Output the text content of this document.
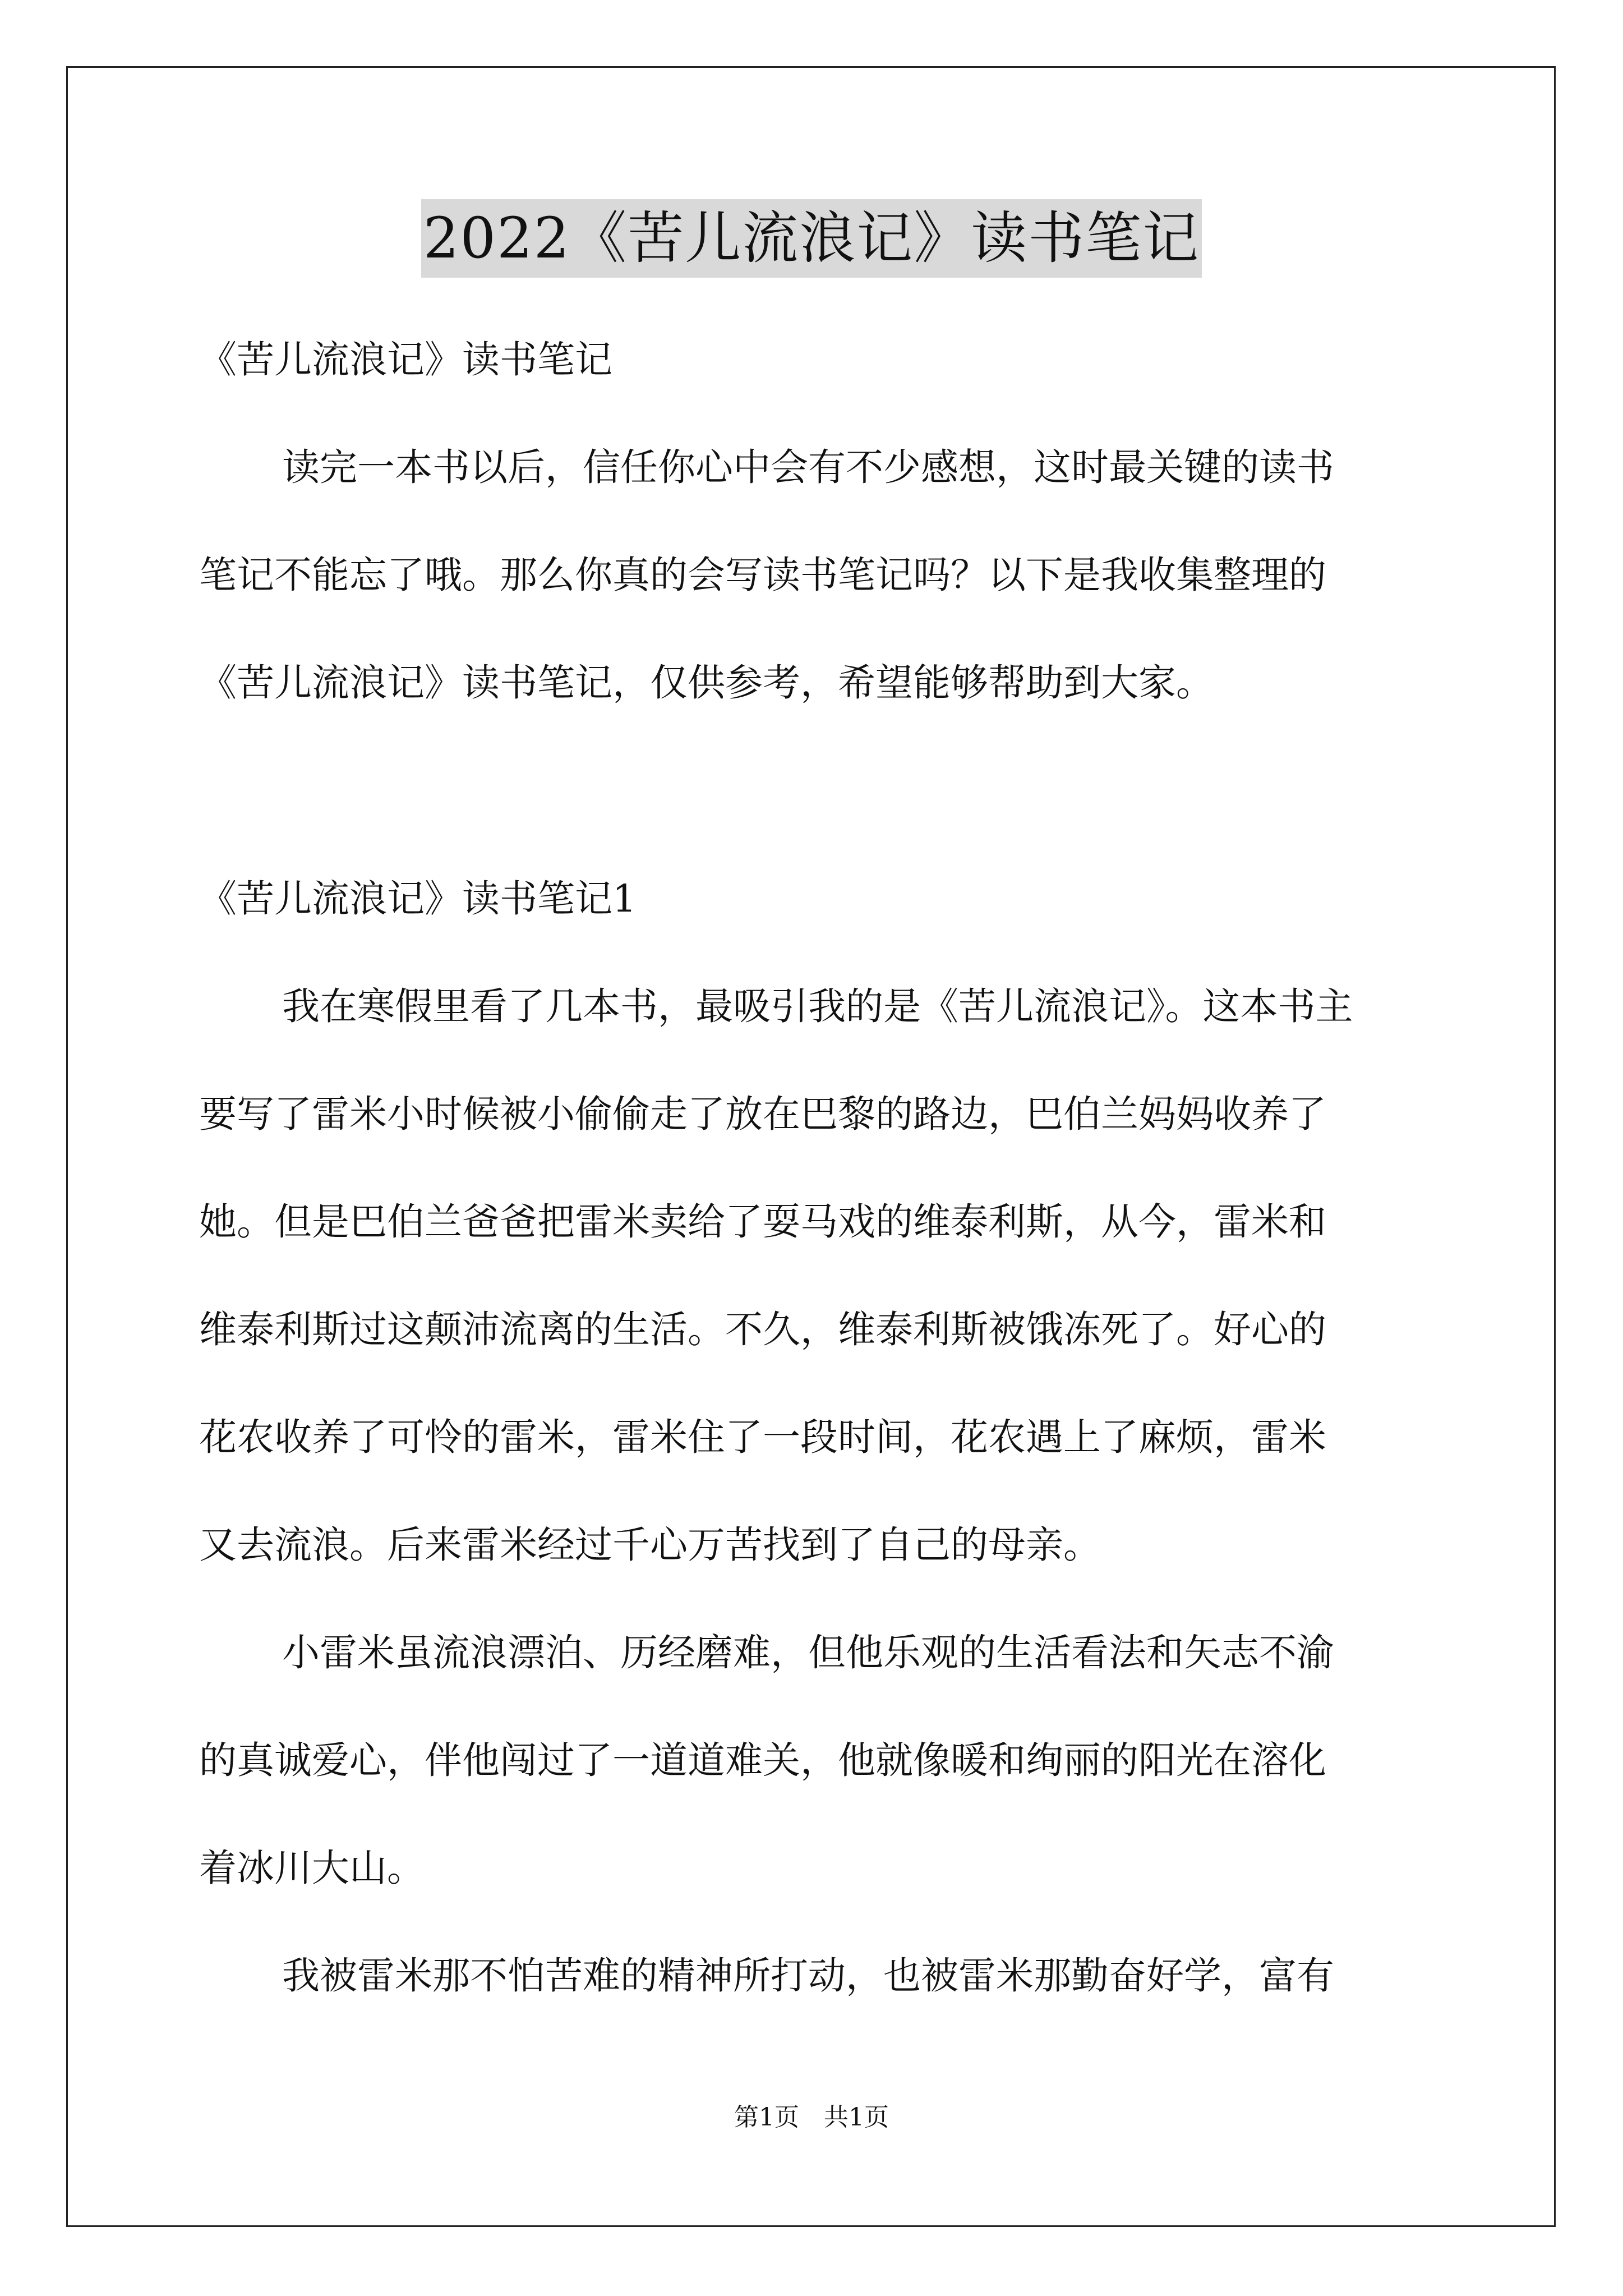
2022《苦儿流浪记》读书笔记

《苦儿流浪记》读书笔记

读完一本书以后，信任你心中会有不少感想，这时最关键的读书

笔记不能忘了哦。那么你真的会写读书笔记吗？以下是我收集整理的

《苦儿流浪记》读书笔记，仅供参考，希望能够帮助到大家。

《苦儿流浪记》读书笔记1

我在寒假里看了几本书，最吸引我的是《苦儿流浪记》。这本书主

要写了雷米小时候被小偷偷走了放在巴黎的路边，巴伯兰妈妈收养了

她。但是巴伯兰爸爸把雷米卖给了耍马戏的维泰利斯，从今，雷米和

维泰利斯过这颠沛流离的生活。不久，维泰利斯被饿冻死了。好心的

花农收养了可怜的雷米，雷米住了一段时间，花农遇上了麻烦，雷米

又去流浪。后来雷米经过千心万苦找到了自己的母亲。

小雷米虽流浪漂泊、历经磨难，但他乐观的生活看法和矢志不渝

的真诚爱心，伴他闯过了一道道难关，他就像暖和绚丽的阳光在溶化

着冰川大山。

我被雷米那不怕苦难的精神所打动，也被雷米那勤奋好学，富有

第1页　共1页
